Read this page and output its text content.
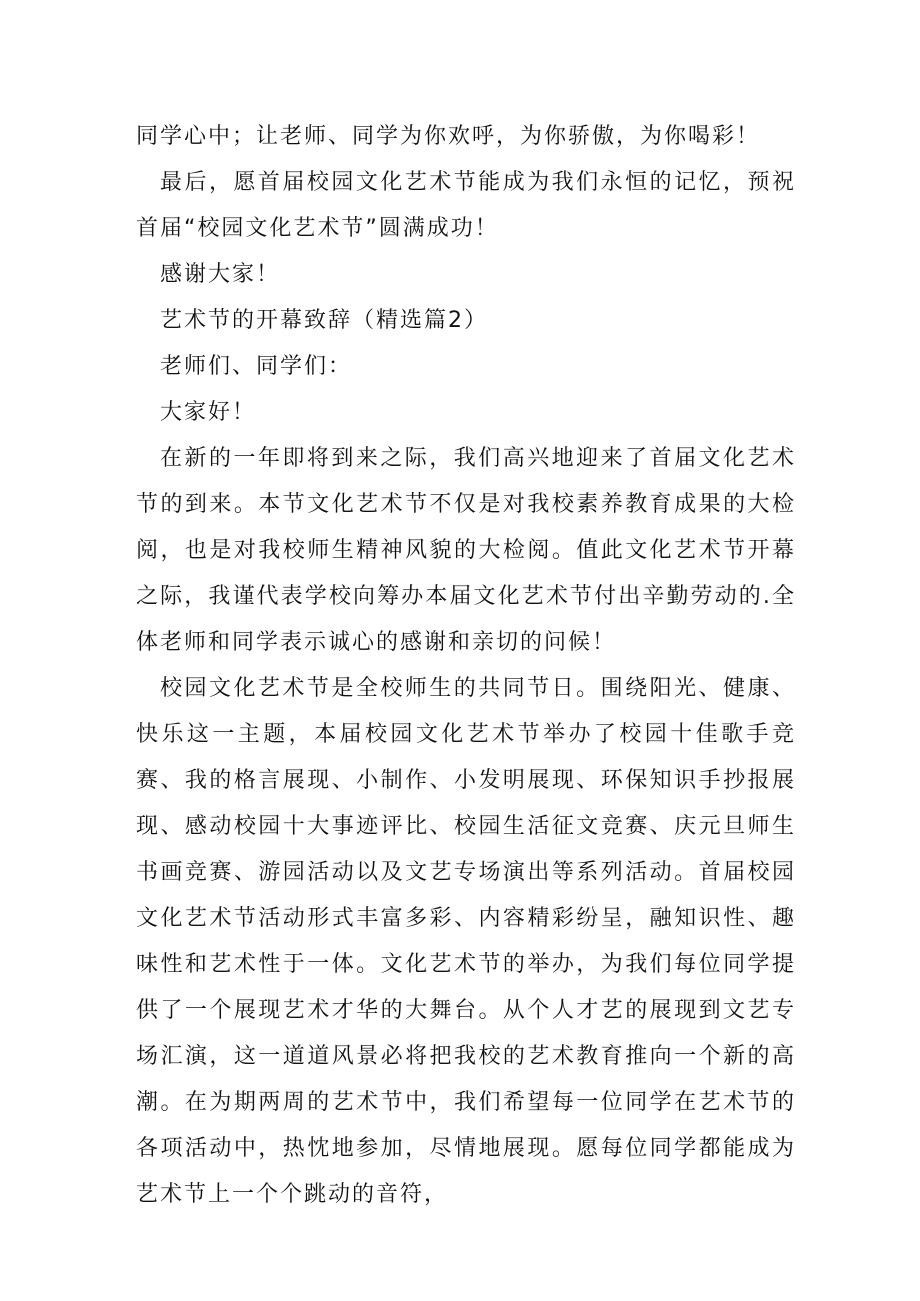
同学心中；让老师、同学为你欢呼，为你骄傲，为你喝彩！

最后，愿首届校园文化艺术节能成为我们永恒的记忆，预祝首届“校园文化艺术节”圆满成功！

感谢大家！

艺术节的开幕致辞（精选篇2）

老师们、同学们：

大家好！

在新的一年即将到来之际，我们高兴地迎来了首届文化艺术节的到来。本节文化艺术节不仅是对我校素养教育成果的大检阅，也是对我校师生精神风貌的大检阅。值此文化艺术节开幕之际，我谨代表学校向筹办本届文化艺术节付出辛勤劳动的.全体老师和同学表示诚心的感谢和亲切的问候！

校园文化艺术节是全校师生的共同节日。围绕阳光、健康、快乐这一主题，本届校园文化艺术节举办了校园十佳歌手竞赛、我的格言展现、小制作、小发明展现、环保知识手抄报展现、感动校园十大事迹评比、校园生活征文竞赛、庆元旦师生书画竞赛、游园活动以及文艺专场演出等系列活动。首届校园文化艺术节活动形式丰富多彩、内容精彩纷呈，融知识性、趣味性和艺术性于一体。文化艺术节的举办，为我们每位同学提供了一个展现艺术才华的大舞台。从个人才艺的展现到文艺专场汇演，这一道道风景必将把我校的艺术教育推向一个新的高潮。在为期两周的艺术节中，我们希望每一位同学在艺术节的各项活动中，热忱地参加，尽情地展现。愿每位同学都能成为艺术节上一个个跳动的音符，
